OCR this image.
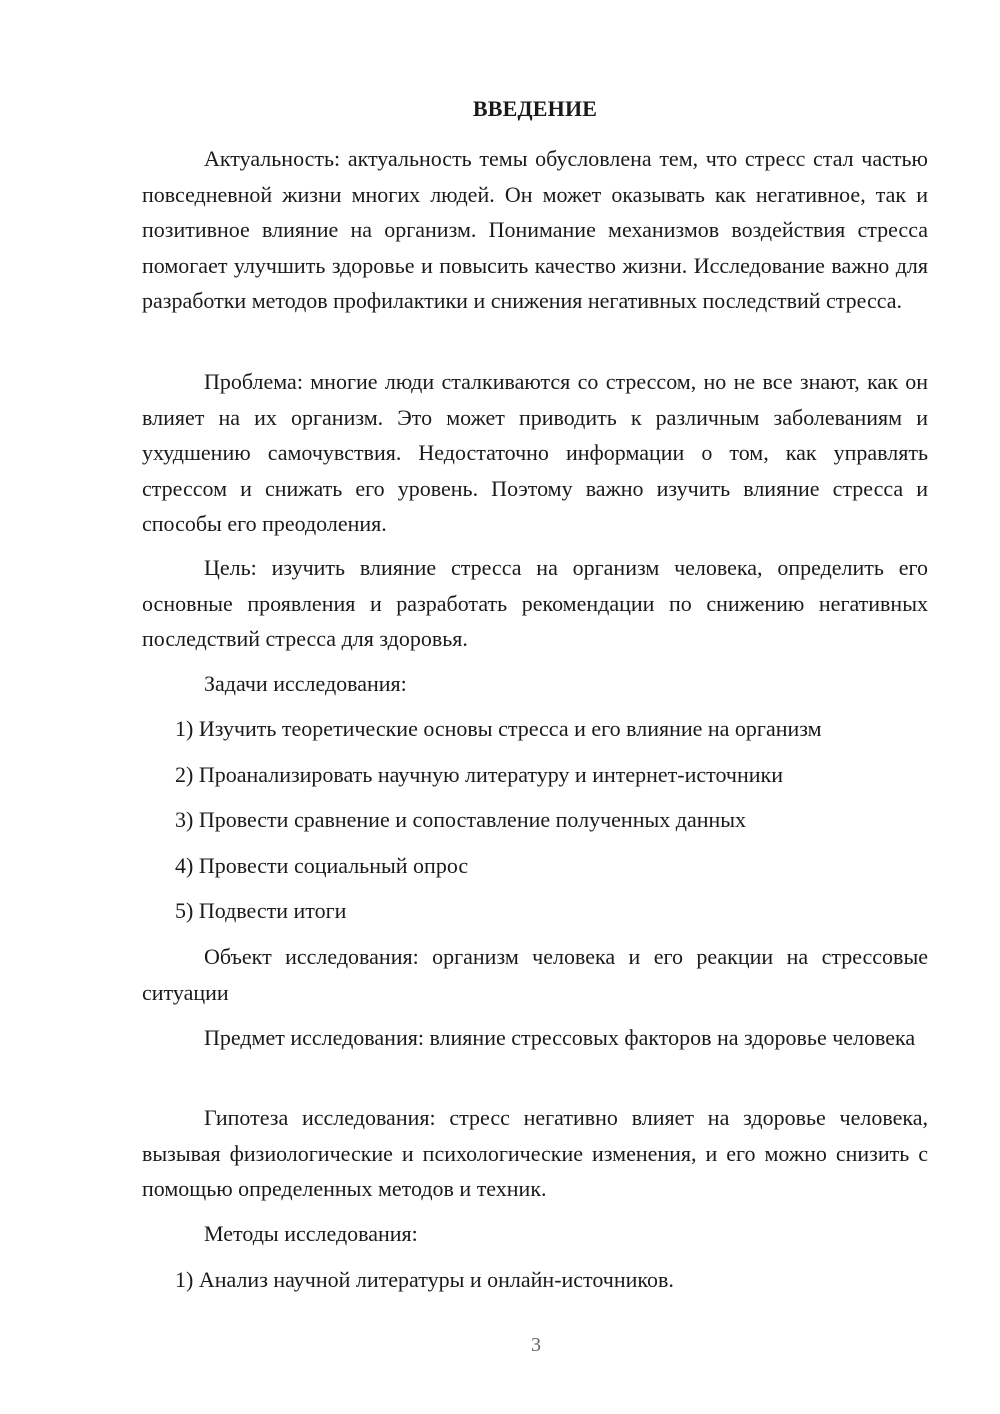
ВВЕДЕНИЕ

Актуальность: актуальность темы обусловлена тем, что стресс стал частью повседневной жизни многих людей. Он может оказывать как негативное, так и позитивное влияние на организм. Понимание механизмов воздействия стресса помогает улучшить здоровье и повысить качество жизни. Исследование важно для разработки методов профилактики и снижения негативных последствий стресса.

Проблема: многие люди сталкиваются со стрессом, но не все знают, как он влияет на их организм. Это может приводить к различным заболеваниям и ухудшению самочувствия. Недостаточно информации о том, как управлять стрессом и снижать его уровень. Поэтому важно изучить влияние стресса и способы его преодоления.

Цель: изучить влияние стресса на организм человека, определить его основные проявления и разработать рекомендации по снижению негативных последствий стресса для здоровья.

Задачи исследования:

1) Изучить теоретические основы стресса и его влияние на организм

2) Проанализировать научную литературу и интернет-источники

3) Провести сравнение и сопоставление полученных данных

4) Провести социальный опрос

5) Подвести итоги

Объект исследования: организм человека и его реакции на стрессовые ситуации

Предмет исследования: влияние стрессовых факторов на здоровье человека

Гипотеза исследования: стресс негативно влияет на здоровье человека, вызывая физиологические и психологические изменения, и его можно снизить с помощью определенных методов и техник.

Методы исследования:

1) Анализ научной литературы и онлайн-источников.

3
